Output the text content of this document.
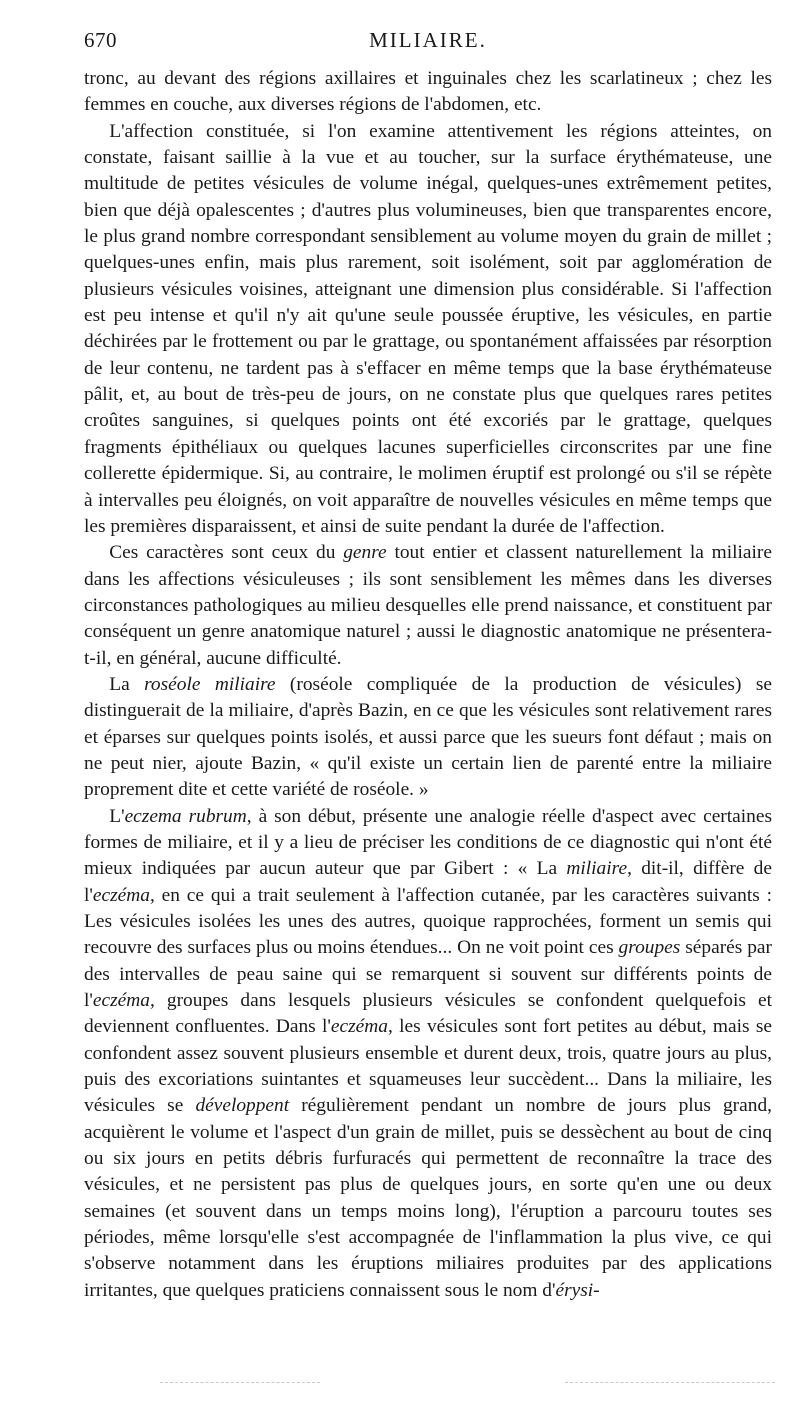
670	MILIAIRE.

tronc, au devant des régions axillaires et inguinales chez les scarlatineux ; chez les femmes en couche, aux diverses régions de l'abdomen, etc.

L'affection constituée, si l'on examine attentivement les régions atteintes, on constate, faisant saillie à la vue et au toucher, sur la surface érythémateuse, une multitude de petites vésicules de volume inégal, quelques-unes extrêmement petites, bien que déjà opalescentes ; d'autres plus volumineuses, bien que transparentes encore, le plus grand nombre correspondant sensiblement au volume moyen du grain de millet ; quelques-unes enfin, mais plus rarement, soit isolément, soit par agglomération de plusieurs vésicules voisines, atteignant une dimension plus considérable. Si l'affection est peu intense et qu'il n'y ait qu'une seule poussée éruptive, les vésicules, en partie déchirées par le frottement ou par le grattage, ou spontanément affaissées par résorption de leur contenu, ne tardent pas à s'effacer en même temps que la base érythémateuse pâlit, et, au bout de très-peu de jours, on ne constate plus que quelques rares petites croûtes sanguines, si quelques points ont été excoriés par le grattage, quelques fragments épithéliaux ou quelques lacunes superficielles circonscrites par une fine collerette épidermique. Si, au contraire, le molimen éruptif est prolongé ou s'il se répète à intervalles peu éloignés, on voit apparaître de nouvelles vésicules en même temps que les premières disparaissent, et ainsi de suite pendant la durée de l'affection.

Ces caractères sont ceux du genre tout entier et classent naturellement la miliaire dans les affections vésiculeuses ; ils sont sensiblement les mêmes dans les diverses circonstances pathologiques au milieu desquelles elle prend naissance, et constituent par conséquent un genre anatomique naturel ; aussi le diagnostic anatomique ne présentera-t-il, en général, aucune difficulté.

La roséole miliaire (roséole compliquée de la production de vésicules) se distinguerait de la miliaire, d'après Bazin, en ce que les vésicules sont relativement rares et éparses sur quelques points isolés, et aussi parce que les sueurs font défaut ; mais on ne peut nier, ajoute Bazin, « qu'il existe un certain lien de parenté entre la miliaire proprement dite et cette variété de roséole. »

L'eczema rubrum, à son début, présente une analogie réelle d'aspect avec certaines formes de miliaire, et il y a lieu de préciser les conditions de ce diagnostic qui n'ont été mieux indiquées par aucun auteur que par Gibert : « La miliaire, dit-il, diffère de l'eczéma, en ce qui a trait seulement à l'affection cutanée, par les caractères suivants : Les vésicules isolées les unes des autres, quoique rapprochées, forment un semis qui recouvre des surfaces plus ou moins étendues... On ne voit point ces groupes séparés par des intervalles de peau saine qui se remarquent si souvent sur différents points de l'eczéma, groupes dans lesquels plusieurs vésicules se confondent quelquefois et deviennent confluentes. Dans l'eczéma, les vésicules sont fort petites au début, mais se confondent assez souvent plusieurs ensemble et durent deux, trois, quatre jours au plus, puis des excoriations suintantes et squameuses leur succèdent... Dans la miliaire, les vésicules se développent régulièrement pendant un nombre de jours plus grand, acquièrent le volume et l'aspect d'un grain de millet, puis se dessèchent au bout de cinq ou six jours en petits débris furfuracés qui permettent de reconnaître la trace des vésicules, et ne persistent pas plus de quelques jours, en sorte qu'en une ou deux semaines (et souvent dans un temps moins long), l'éruption a parcouru toutes ses périodes, même lorsqu'elle s'est accompagnée de l'inflammation la plus vive, ce qui s'observe notamment dans les éruptions miliaires produites par des applications irritantes, que quelques praticiens connaissent sous le nom d'érysi-
